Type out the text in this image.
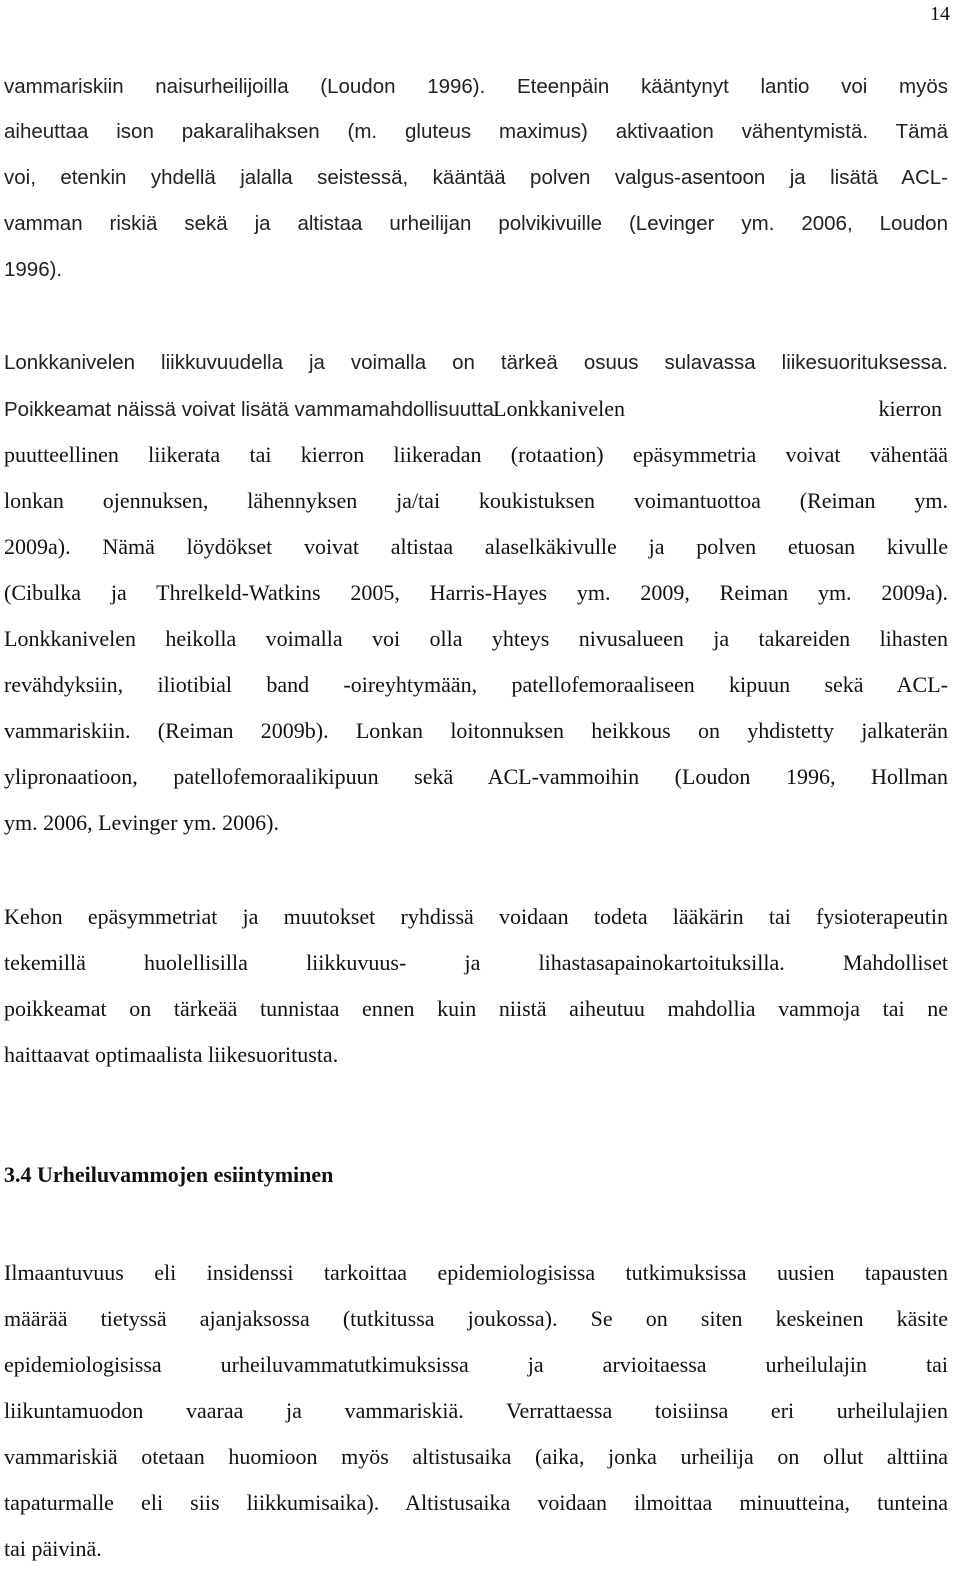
14
vammariskiin naisurheilijoilla (Loudon 1996). Eteenpäin kääntynyt lantio voi myös
aiheuttaa ison pakaralihaksen (m. gluteus maximus) aktivaation vähentymistä. Tämä
voi, etenkin yhdellä jalalla seistessä, kääntää polven valgus-asentoon ja lisätä ACL-
vamman riskiä sekä ja altistaa urheilijan polvikivuille (Levinger ym. 2006, Loudon
1996).
Lonkkanivelen liikkuvuudella ja voimalla on tärkeä osuus sulavassa liikesuorituksessa.
Poikkeamat näissä voivat lisätä vammamahdollisuutta.Lonkkanivelen kierron
puutteellinen liikerata tai kierron liikeradan (rotaation) epäsymmetria voivat vähentää
lonkan ojennuksen, lähennyksen ja/tai koukistuksen voimantuottoa (Reiman ym.
2009a). Nämä löydökset voivat altistaa alaselkäkivulle ja polven etuosan kivulle
(Cibulka ja Threlkeld-Watkins 2005, Harris-Hayes ym. 2009, Reiman ym. 2009a).
Lonkkanivelen heikolla voimalla voi olla yhteys nivusalueen ja takareiden lihasten
revähdyksiin, iliotibial band -oireyhtymään, patellofemoraaliseen kipuun sekä ACL-
vammariskiin. (Reiman 2009b). Lonkan loitonnuksen heikkous on yhdistetty jalkaterän
ylipronaatioon, patellofemoraalikipuun sekä ACL-vammoihin (Loudon 1996, Hollman
ym. 2006, Levinger ym. 2006).
Kehon epäsymmetriat ja muutokset ryhdissä voidaan todeta lääkärin tai fysioterapeutin
tekemillä huolellisilla liikkuvuus- ja lihastasapainokartoituksilla. Mahdolliset
poikkeamat on tärkeää tunnistaa ennen kuin niistä aiheutuu mahdollia vammoja tai ne
haittaavat optimaalista liikesuoritusta.
3.4 Urheiluvammojen esiintyminen
Ilmaantuvuus eli insidenssi tarkoittaa epidemiologisissa tutkimuksissa uusien tapausten
määrää tietyssä ajanjaksossa (tutkitussa joukossa). Se on siten keskeinen käsite
epidemiologisissa urheiluvammatutkimuksissa ja arvioitaessa urheilulajin tai
liikuntamuodon vaaraa ja vammariskiä. Verrattaessa toisiinsa eri urheilulajien
vammariskiä otetaan huomioon myös altistusaika (aika, jonka urheilija on ollut alttiina
tapaturmalle eli siis liikkumisaika). Altistusaika voidaan ilmoittaa minuutteina, tunteina
tai päivinä.
